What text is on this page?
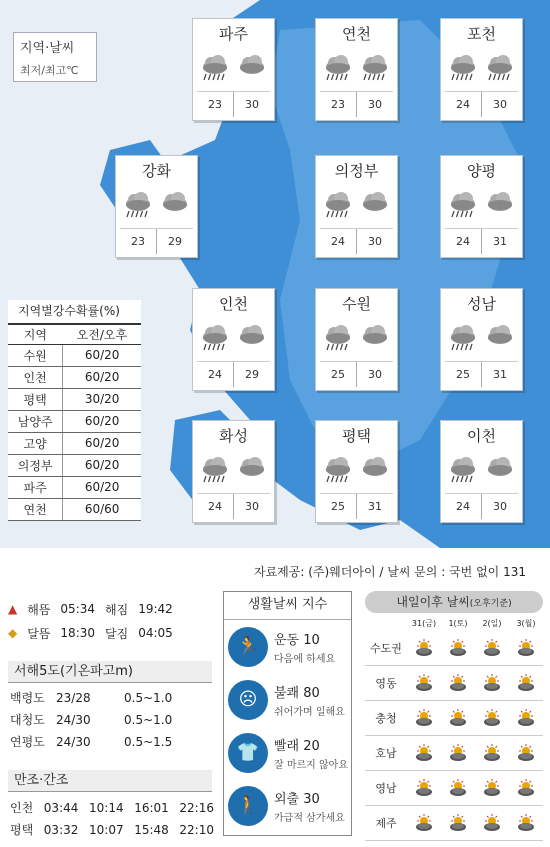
지역·날씨
최저/최고℃
파주
23	30
연천
23	30
포천
24	30
강화
23	29
의정부
24	30
양평
24	31
인천
24	29
수원
25	30
성남
25	31
화성
24	30
평택
25	31
이천
24	30
지역별강수확률(%)
지역	오전/오후
수원	60/20
인천	60/20
평택	30/20
남양주	60/20
고양	60/20
의정부	60/20
파주	60/20
연천	60/60
자료제공: (주)웨더아이 / 날씨 문의 : 국번 없이 131
▲ 해뜸 05:34 해짐 19:42
◆ 달뜸 18:30 달짐 04:05
서해5도(기온파고m)
백령도 23/28	0.5~1.0
대청도 24/30	0.5~1.0
연평도 24/30	0.5~1.5
만조·간조
인천 03:44 10:14 16:01 22:16
평택 03:32 10:07 15:48 22:10
생활날씨 지수
🏃	운동 10
다음에 하세요
☹	불쾌 80
쉬어가며 일해요
👕	빨래 20
잘 마르지 않아요
🚶	외출 30
가급적 삼가세요
내일이후 날씨(오후기준)
31(금)	1(토)	2(일)	3(월)
수도권
영동
충청
호남
영남
제주
